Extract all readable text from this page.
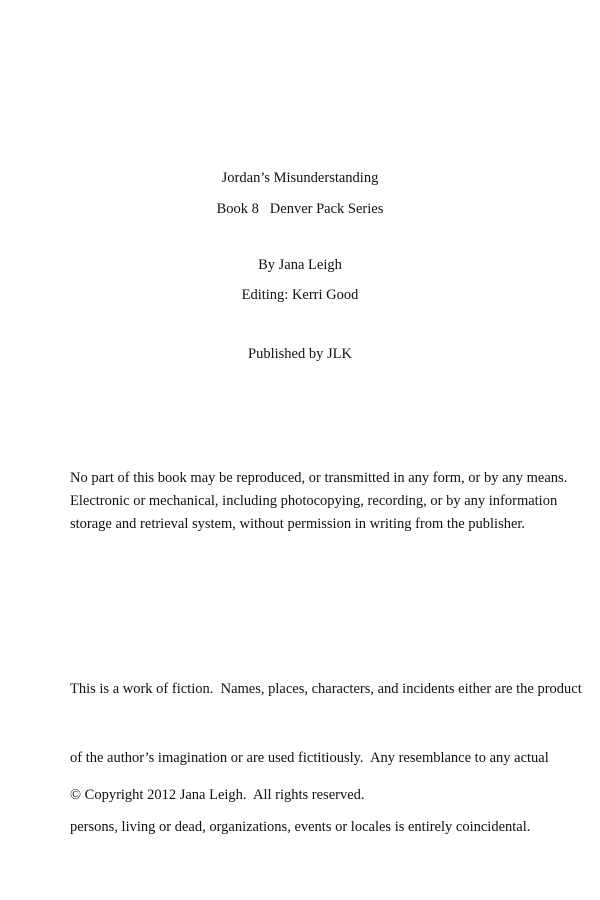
Jordan’s Misunderstanding
Book 8   Denver Pack Series
By Jana Leigh
Editing: Kerri Good
Published by JLK
No part of this book may be reproduced, or transmitted in any form, or by any means.
Electronic or mechanical, including photocopying, recording, or by any information
storage and retrieval system, without permission in writing from the publisher.

This is a work of fiction.  Names, places, characters, and incidents either are the product

of the author’s imagination or are used fictitiously.  Any resemblance to any actual

persons, living or dead, organizations, events or locales is entirely coincidental.

© Copyright 2012 Jana Leigh.  All rights reserved.
